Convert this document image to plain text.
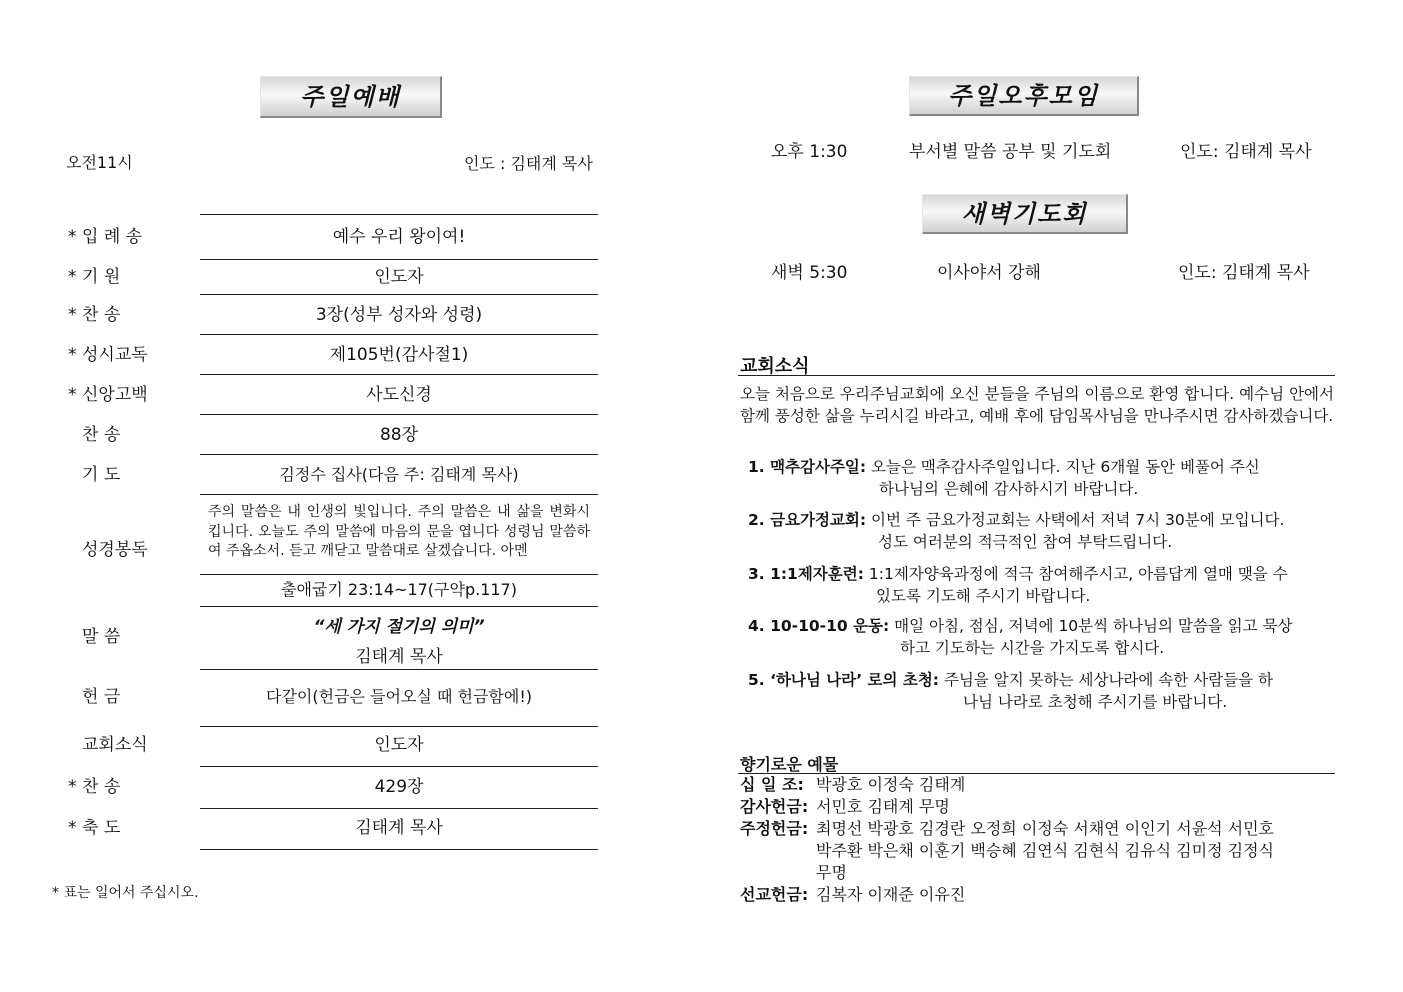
주일예배
오전11시	인도 : 김태계 목사
* 입 례 송	예수 우리 왕이여!
* 기 원	인도자
* 찬 송	3장(성부 성자와 성령)
* 성시교독	제105번(감사절1)
* 신앙고백	사도신경
찬 송	88장
기 도	김정수 집사(다음 주: 김태계 목사)
성경봉독
주의 말씀은 내 인생의 빛입니다. 주의 말씀은 내 삶을 변화시킵니다. 오늘도 주의 말씀에 마음의 문을 엽니다 성령님 말씀하여 주옵소서. 듣고 깨닫고 말씀대로 살겠습니다. 아멘
출애굽기 23:14~17(구약p.117)
말 씀	“세 가지 절기의 의미”
김태계 목사
헌 금	다같이(헌금은 들어오실 때 헌금함에!)
교회소식	인도자
* 찬 송	429장
* 축 도	김태계 목사
* 표는 일어서 주십시오.
주일오후모임
오후 1:30	부서별 말씀 공부 및 기도회	인도: 김태계 목사
새벽기도회
새벽 5:30	이사야서 강해	인도: 김태계 목사
교회소식
오늘 처음으로 우리주님교회에 오신 분들을 주님의 이름으로 환영 합니다. 예수님 안에서 함께 풍성한 삶을 누리시길 바라고, 예배 후에 담임목사님을 만나주시면 감사하겠습니다.
1. 맥추감사주일: 오늘은 맥추감사주일입니다. 지난 6개월 동안 베풀어 주신
하나님의 은혜에 감사하시기 바랍니다.
2. 금요가정교회: 이번 주 금요가정교회는 사택에서 저녁 7시 30분에 모입니다.
성도 여러분의 적극적인 참여 부탁드립니다.
3. 1:1제자훈련: 1:1제자양육과정에 적극 참여해주시고, 아름답게 열매 맺을 수
있도록 기도해 주시기 바랍니다.
4. 10-10-10 운동: 매일 아침, 점심, 저녁에 10분씩 하나님의 말씀을 읽고 묵상
하고 기도하는 시간을 가지도록 합시다.
5. ‘하나님 나라’ 로의 초청: 주님을 알지 못하는 세상나라에 속한 사람들을 하
나님 나라로 초청해 주시기를 바랍니다.
향기로운 예물
십 일 조: 박광호 이정숙 김태계
감사헌금: 서민호 김태계 무명
주정헌금: 최명선 박광호 김경란 오정희 이정숙 서채연 이인기 서윤석 서민호
박주환 박은채 이훈기 백승혜 김연식 김현식 김유식 김미정 김정식
무명
선교헌금: 김복자 이재준 이유진
